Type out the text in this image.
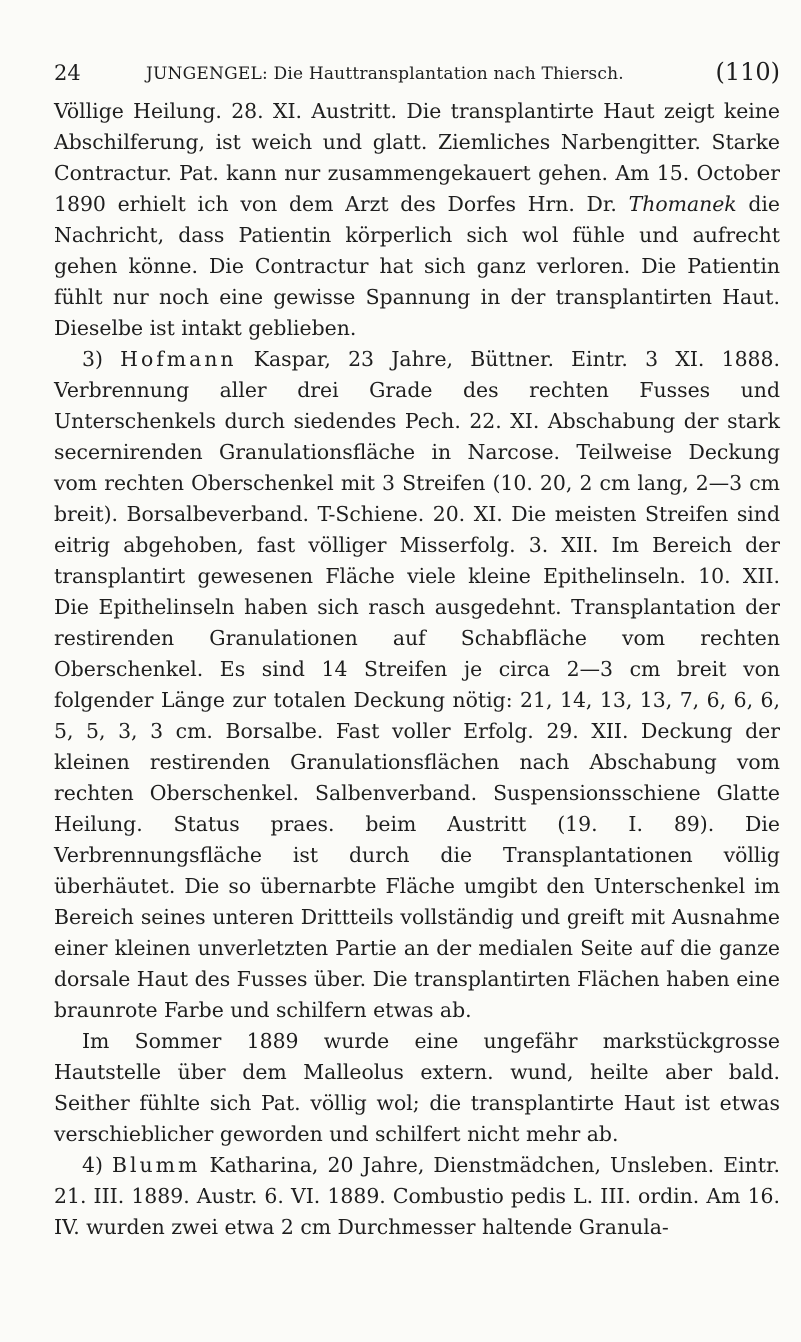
24	JUNGENGEL: Die Hauttransplantation nach Thiersch.	(110)

Völlige Heilung. 28. XI. Austritt. Die transplantirte Haut zeigt keine Abschilferung, ist weich und glatt. Ziemliches Narbengitter. Starke Contractur. Pat. kann nur zusammengekauert gehen. Am 15. October 1890 erhielt ich von dem Arzt des Dorfes Hrn. Dr. Thomanek die Nachricht, dass Patientin körperlich sich wol fühle und aufrecht gehen könne. Die Contractur hat sich ganz verloren. Die Patientin fühlt nur noch eine gewisse Spannung in der transplantirten Haut. Dieselbe ist intakt geblieben.

3) Hofmann Kaspar, 23 Jahre, Büttner. Eintr. 3 XI. 1888. Verbrennung aller drei Grade des rechten Fusses und Unterschenkels durch siedendes Pech. 22. XI. Abschabung der stark secernirenden Granulationsfläche in Narcose. Teilweise Deckung vom rechten Oberschenkel mit 3 Streifen (10. 20, 2 cm lang, 2—3 cm breit). Borsalbeverband. T-Schiene. 20. XI. Die meisten Streifen sind eitrig abgehoben, fast völliger Misserfolg. 3. XII. Im Bereich der transplantirt gewesenen Fläche viele kleine Epithelinseln. 10. XII. Die Epithelinseln haben sich rasch ausgedehnt. Transplantation der restirenden Granulationen auf Schabfläche vom rechten Oberschenkel. Es sind 14 Streifen je circa 2—3 cm breit von folgender Länge zur totalen Deckung nötig: 21, 14, 13, 13, 7, 6, 6, 6, 5, 5, 3, 3 cm. Borsalbe. Fast voller Erfolg. 29. XII. Deckung der kleinen restirenden Granulationsflächen nach Abschabung vom rechten Oberschenkel. Salbenverband. Suspensionsschiene Glatte Heilung. Status praes. beim Austritt (19. I. 89). Die Verbrennungsfläche ist durch die Transplantationen völlig überhäutet. Die so übernarbte Fläche umgibt den Unterschenkel im Bereich seines unteren Drittteils vollständig und greift mit Ausnahme einer kleinen unverletzten Partie an der medialen Seite auf die ganze dorsale Haut des Fusses über. Die transplantirten Flächen haben eine braunrote Farbe und schilfern etwas ab.

Im Sommer 1889 wurde eine ungefähr markstückgrosse Hautstelle über dem Malleolus extern. wund, heilte aber bald. Seither fühlte sich Pat. völlig wol; die transplantirte Haut ist etwas verschieblicher geworden und schilfert nicht mehr ab.

4) Blumm Katharina, 20 Jahre, Dienstmädchen, Unsleben. Eintr. 21. III. 1889. Austr. 6. VI. 1889. Combustio pedis L. III. ordin. Am 16. IV. wurden zwei etwa 2 cm Durchmesser haltende Granula-
